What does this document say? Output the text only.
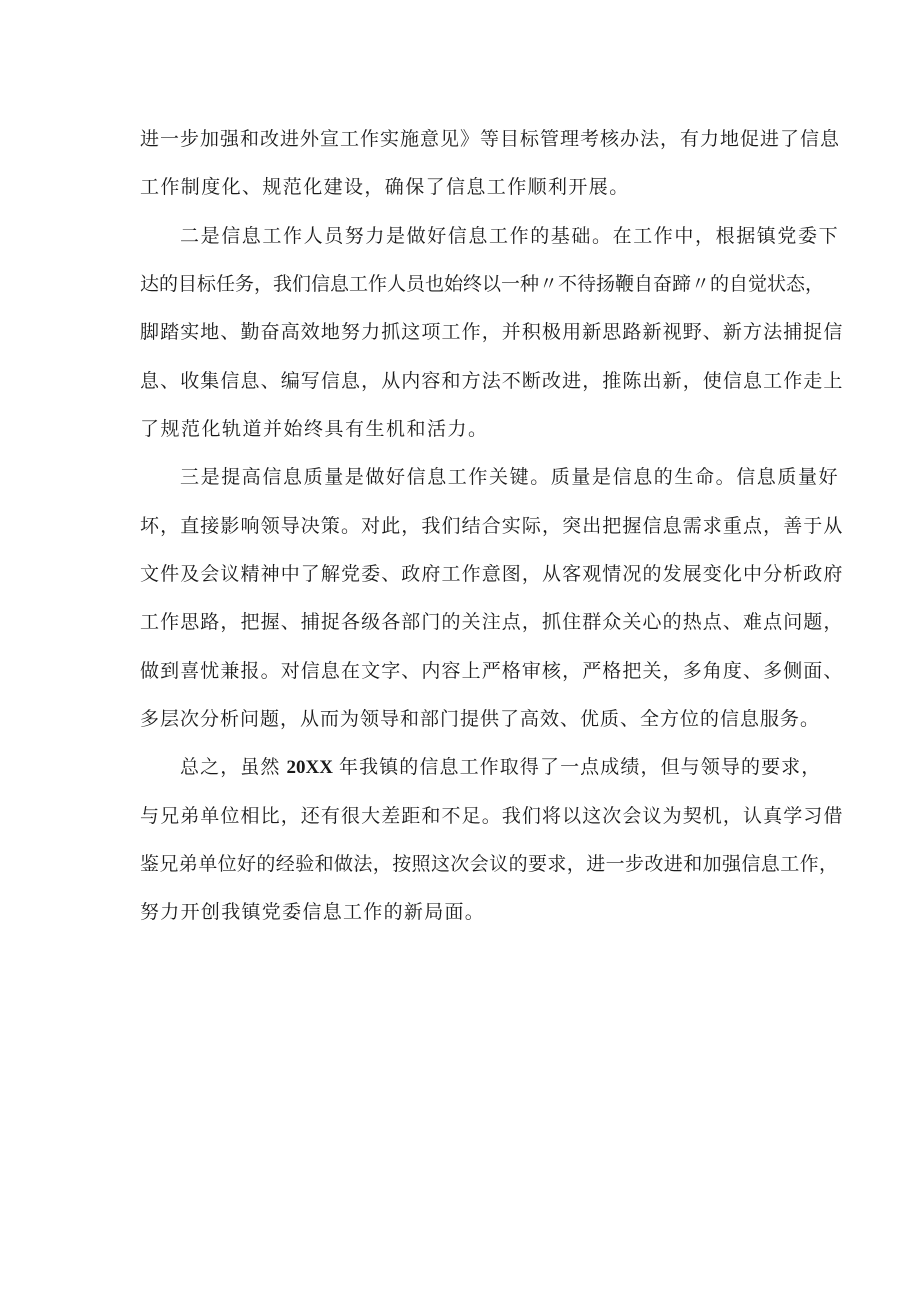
进一步加强和改进外宣工作实施意见》等目标管理考核办法，有力地促进了信息
工作制度化、规范化建设，确保了信息工作顺利开展。
二是信息工作人员努力是做好信息工作的基础。在工作中，根据镇党委下
达的目标任务，我们信息工作人员也始终以一种〃不待扬鞭自奋蹄〃的自觉状态，
脚踏实地、勤奋高效地努力抓这项工作，并积极用新思路新视野、新方法捕捉信
息、收集信息、编写信息，从内容和方法不断改进，推陈出新，使信息工作走上
了规范化轨道并始终具有生机和活力。
三是提高信息质量是做好信息工作关键。质量是信息的生命。信息质量好
坏，直接影响领导决策。对此，我们结合实际，突出把握信息需求重点，善于从
文件及会议精神中了解党委、政府工作意图，从客观情况的发展变化中分析政府
工作思路，把握、捕捉各级各部门的关注点，抓住群众关心的热点、难点问题，
做到喜忧兼报。对信息在文字、内容上严格审核，严格把关，多角度、多侧面、
多层次分析问题，从而为领导和部门提供了高效、优质、全方位的信息服务。
总之，虽然 20XX 年我镇的信息工作取得了一点成绩，但与领导的要求，
与兄弟单位相比，还有很大差距和不足。我们将以这次会议为契机，认真学习借
鉴兄弟单位好的经验和做法，按照这次会议的要求，进一步改进和加强信息工作，
努力开创我镇党委信息工作的新局面。
